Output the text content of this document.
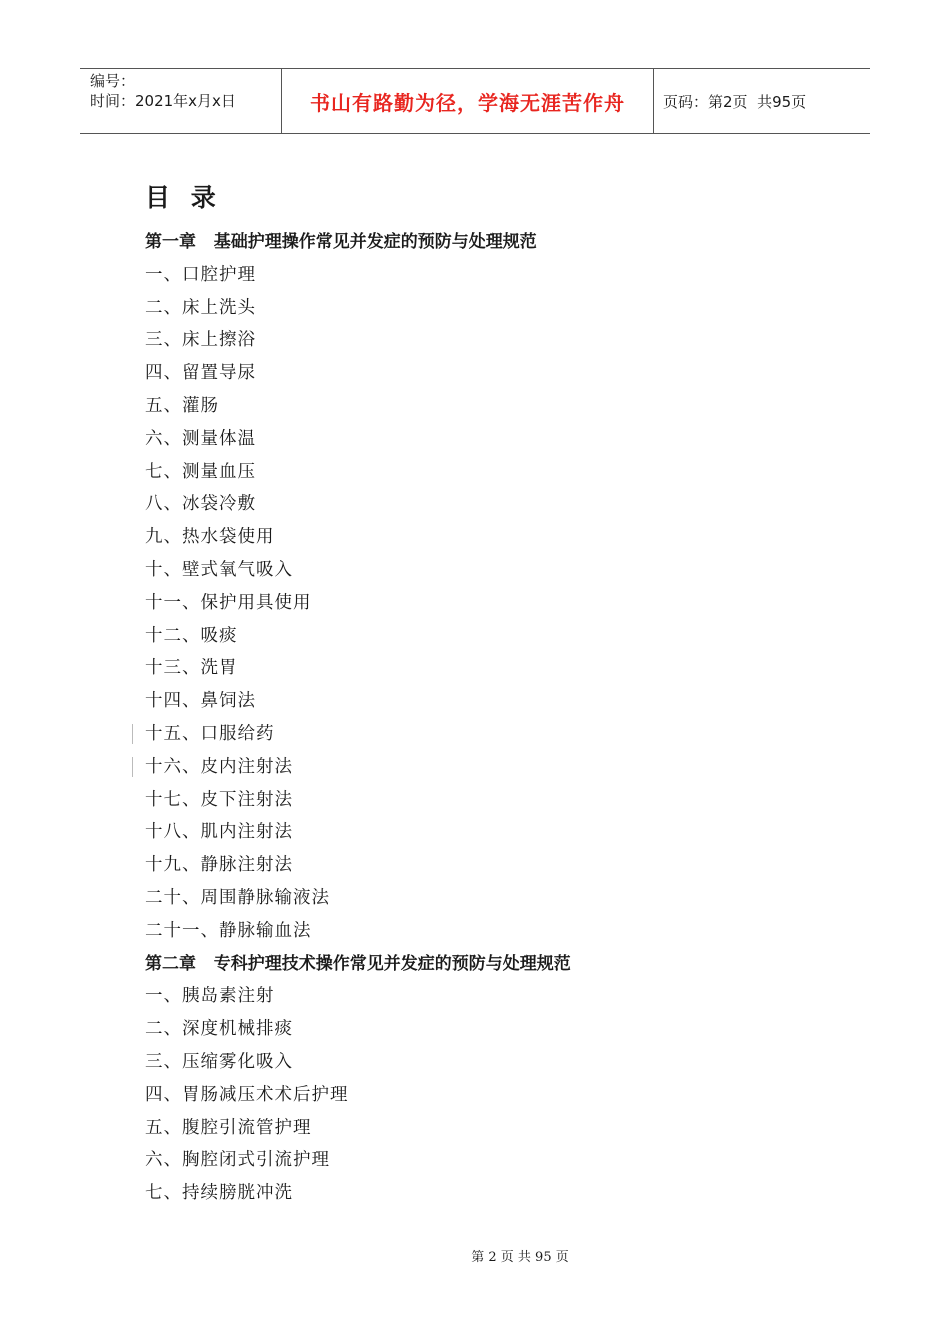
编号：
时间：2021年x月x日	书山有路勤为径，学海无涯苦作舟	页码：第2页  共95页
目 录
第一章   基础护理操作常见并发症的预防与处理规范
一、口腔护理
二、床上洗头
三、床上擦浴
四、留置导尿
五、灌肠
六、测量体温
七、测量血压
八、冰袋冷敷
九、热水袋使用
十、壁式氧气吸入
十一、保护用具使用
十二、吸痰
十三、洗胃
十四、鼻饲法
十五、口服给药
十六、皮内注射法
十七、皮下注射法
十八、肌内注射法
十九、静脉注射法
二十、周围静脉输液法
二十一、静脉输血法
第二章   专科护理技术操作常见并发症的预防与处理规范
一、胰岛素注射
二、深度机械排痰
三、压缩雾化吸入
四、胃肠减压术术后护理
五、腹腔引流管护理
六、胸腔闭式引流护理
七、持续膀胱冲洗
第 2 页 共 95 页
